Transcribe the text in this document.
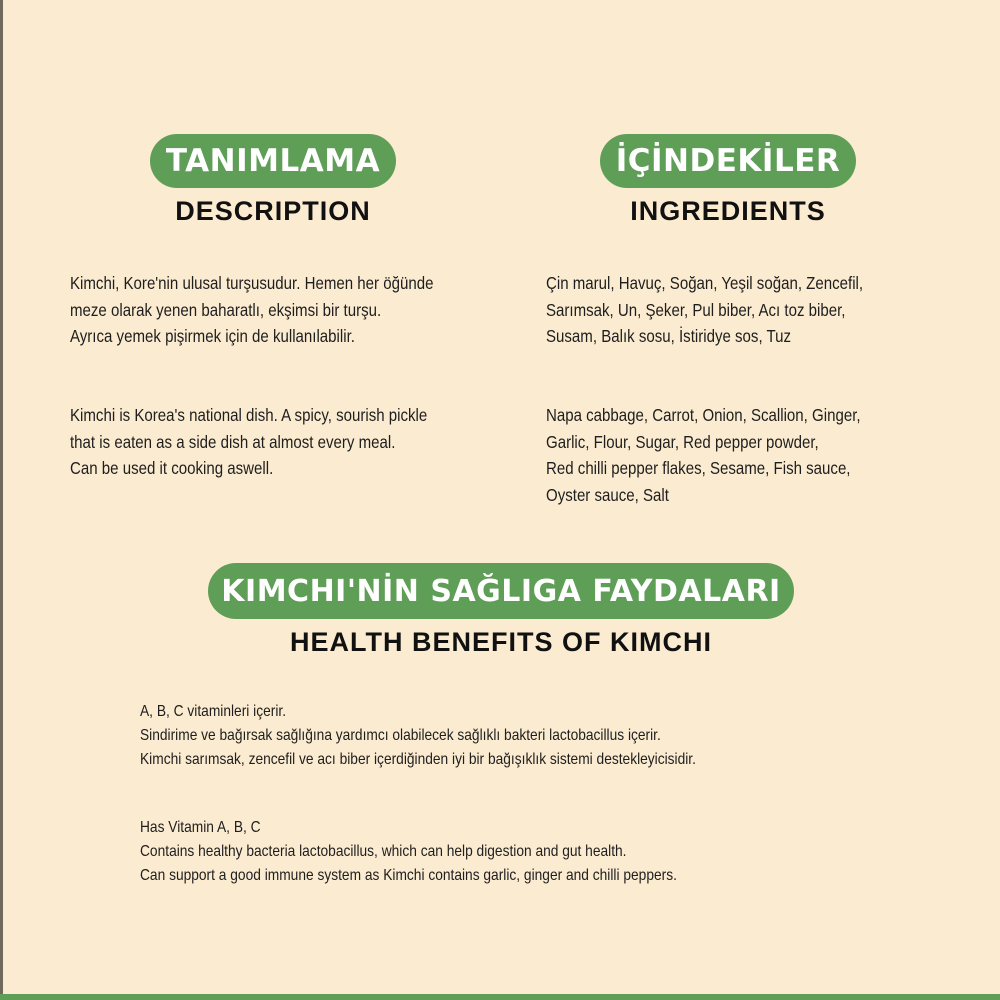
TANIMLAMA
DESCRIPTION
Kimchi, Kore'nin ulusal turşusudur. Hemen her öğünde
meze olarak yenen baharatlı, ekşimsi bir turşu.
Ayrıca yemek pişirmek için de kullanılabilir.
Kimchi is Korea's national dish. A spicy, sourish pickle
that is eaten as a side dish at almost every meal.
Can be used it cooking aswell.
İÇİNDEKİLER
INGREDIENTS
Çin marul, Havuç, Soğan, Yeşil soğan, Zencefil,
Sarımsak, Un, Şeker, Pul biber, Acı toz biber,
Susam, Balık sosu, İstiridye sos, Tuz
Napa cabbage, Carrot, Onion, Scallion, Ginger,
Garlic, Flour, Sugar, Red pepper powder,
Red chilli pepper flakes, Sesame, Fish sauce,
Oyster sauce, Salt
KIMCHI'NİN SAĞLIGA FAYDALARI
HEALTH BENEFITS OF KIMCHI
A, B, C vitaminleri içerir.
Sindirime ve bağırsak sağlığına yardımcı olabilecek sağlıklı bakteri lactobacillus içerir.
Kimchi sarımsak, zencefil ve acı biber içerdiğinden iyi bir bağışıklık sistemi destekleyicisidir.
Has Vitamin A, B, C
Contains healthy bacteria lactobacillus, which can help digestion and gut health.
Can support a good immune system as Kimchi contains garlic, ginger and chilli peppers.
